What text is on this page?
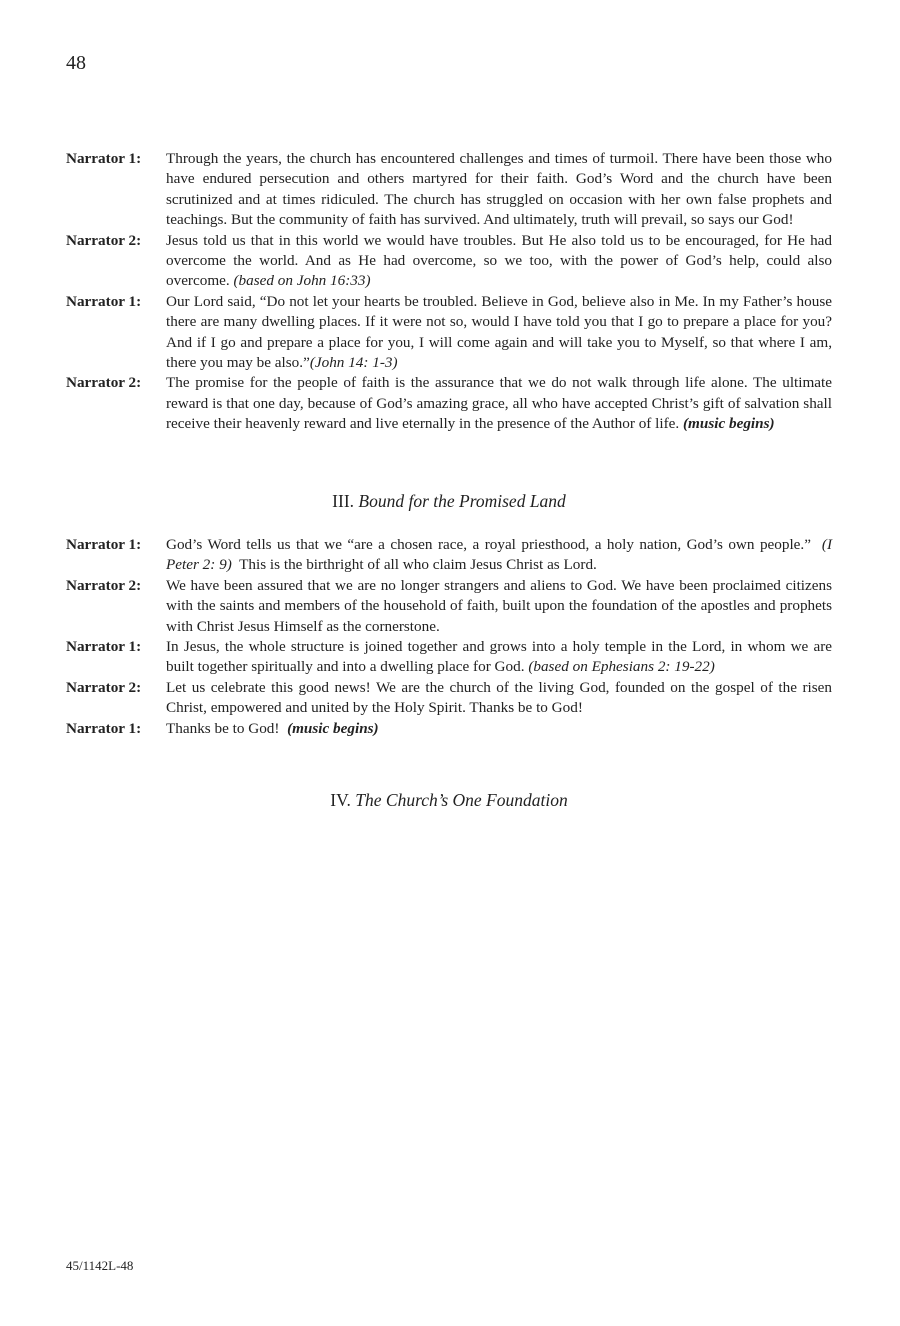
48
Narrator 1:	Through the years, the church has encountered challenges and times of turmoil. There have been those who have endured persecution and others martyred for their faith. God’s Word and the church have been scrutinized and at times ridiculed. The church has struggled on occasion with her own false prophets and teachings. But the community of faith has survived. And ultimately, truth will prevail, so says our God!
Narrator 2:	Jesus told us that in this world we would have troubles. But He also told us to be encouraged, for He had overcome the world. And as He had overcome, so we too, with the power of God’s help, could also overcome. (based on John 16:33)
Narrator 1:	Our Lord said, “Do not let your hearts be troubled. Believe in God, believe also in Me. In my Father’s house there are many dwelling places. If it were not so, would I have told you that I go to prepare a place for you? And if I go and prepare a place for you, I will come again and will take you to Myself, so that where I am, there you may be also.”(John 14: 1-3)
Narrator 2:	The promise for the people of faith is the assurance that we do not walk through life alone. The ultimate reward is that one day, because of God’s amazing grace, all who have accepted Christ’s gift of salvation shall receive their heavenly reward and live eternally in the presence of the Author of life. (music begins)
III. Bound for the Promised Land
Narrator 1:	God’s Word tells us that we “are a chosen race, a royal priesthood, a holy nation, God’s own people.” (I Peter 2: 9) This is the birthright of all who claim Jesus Christ as Lord.
Narrator 2:	We have been assured that we are no longer strangers and aliens to God. We have been proclaimed citizens with the saints and members of the household of faith, built upon the foundation of the apostles and prophets with Christ Jesus Himself as the cornerstone.
Narrator 1:	In Jesus, the whole structure is joined together and grows into a holy temple in the Lord, in whom we are built together spiritually and into a dwelling place for God. (based on Ephesians 2: 19-22)
Narrator 2:	Let us celebrate this good news! We are the church of the living God, founded on the gospel of the risen Christ, empowered and united by the Holy Spirit. Thanks be to God!
Narrator 1:	Thanks be to God! (music begins)
IV. The Church’s One Foundation
45/1142L-48
